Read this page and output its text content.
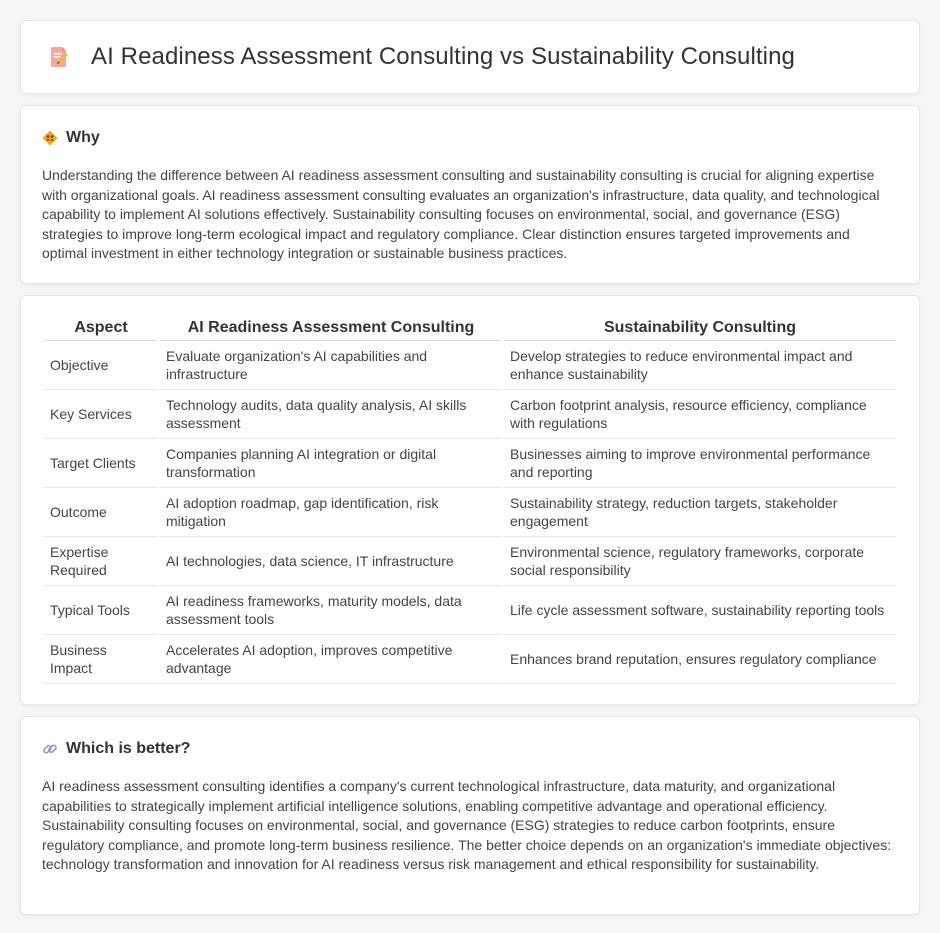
AI Readiness Assessment Consulting vs Sustainability Consulting
Why

Understanding the difference between AI readiness assessment consulting and sustainability consulting is crucial for aligning expertise with organizational goals. AI readiness assessment consulting evaluates an organization's infrastructure, data quality, and technological capability to implement AI solutions effectively. Sustainability consulting focuses on environmental, social, and governance (ESG) strategies to improve long-term ecological impact and regulatory compliance. Clear distinction ensures targeted improvements and optimal investment in either technology integration or sustainable business practices.

Aspect	AI Readiness Assessment Consulting	Sustainability Consulting
Objective	Evaluate organization's AI capabilities and infrastructure	Develop strategies to reduce environmental impact and enhance sustainability
Key Services	Technology audits, data quality analysis, AI skills assessment	Carbon footprint analysis, resource efficiency, compliance with regulations
Target Clients	Companies planning AI integration or digital transformation	Businesses aiming to improve environmental performance and reporting
Outcome	AI adoption roadmap, gap identification, risk mitigation	Sustainability strategy, reduction targets, stakeholder engagement
Expertise Required	AI technologies, data science, IT infrastructure	Environmental science, regulatory frameworks, corporate social responsibility
Typical Tools	AI readiness frameworks, maturity models, data assessment tools	Life cycle assessment software, sustainability reporting tools
Business Impact	Accelerates AI adoption, improves competitive advantage	Enhances brand reputation, ensures regulatory compliance
Which is better?

AI readiness assessment consulting identifies a company's current technological infrastructure, data maturity, and organizational capabilities to strategically implement artificial intelligence solutions, enabling competitive advantage and operational efficiency. Sustainability consulting focuses on environmental, social, and governance (ESG) strategies to reduce carbon footprints, ensure regulatory compliance, and promote long-term business resilience. The better choice depends on an organization's immediate objectives: technology transformation and innovation for AI readiness versus risk management and ethical responsibility for sustainability.
